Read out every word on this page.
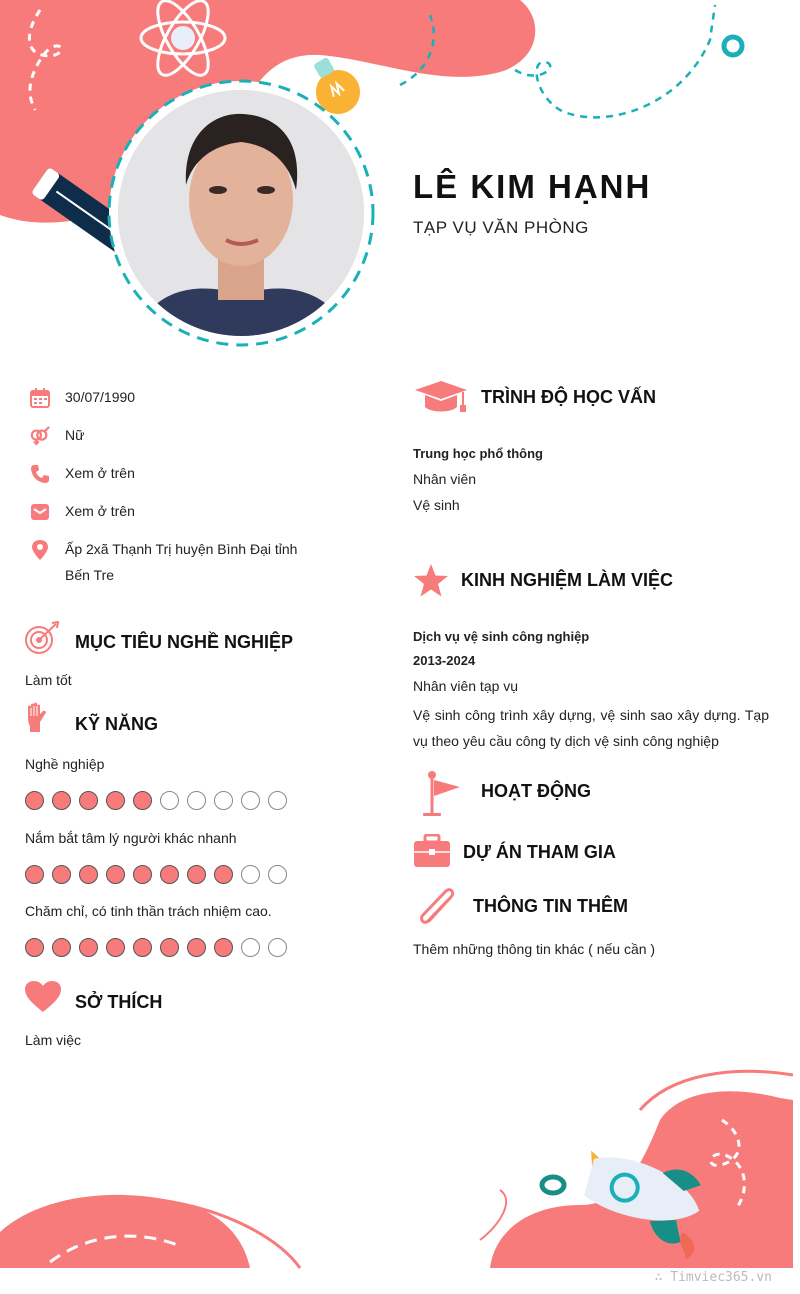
LÊ KIM HẠNH
TẠP VỤ VĂN PHÒNG
30/07/1990
Nữ
Xem ở trên
Xem ở trên
Ấp 2xã Thạnh Trị huyện Bình Đại tỉnh Bến Tre
MỤC TIÊU NGHỀ NGHIỆP
Làm tốt
KỸ NĂNG
Nghề nghiệp
Nắm bắt tâm lý người khác nhanh
Chăm chỉ, có tinh thần trách nhiệm cao.
SỞ THÍCH
Làm việc
TRÌNH ĐỘ HỌC VẤN
Trung học phổ thông
Nhân viên
Vệ sinh
KINH NGHIỆM LÀM VIỆC
Dịch vụ vệ sinh công nghiệp
2013-2024
Nhân viên tạp vụ
Vệ sinh công trình xây dựng, vệ sinh sao xây dựng. Tạp vụ theo yêu cầu công ty dịch vệ sinh công nghiệp
HOẠT ĐỘNG
DỰ ÁN THAM GIA
THÔNG TIN THÊM
Thêm những thông tin khác ( nếu cần )
∴ Timviec365.vn
